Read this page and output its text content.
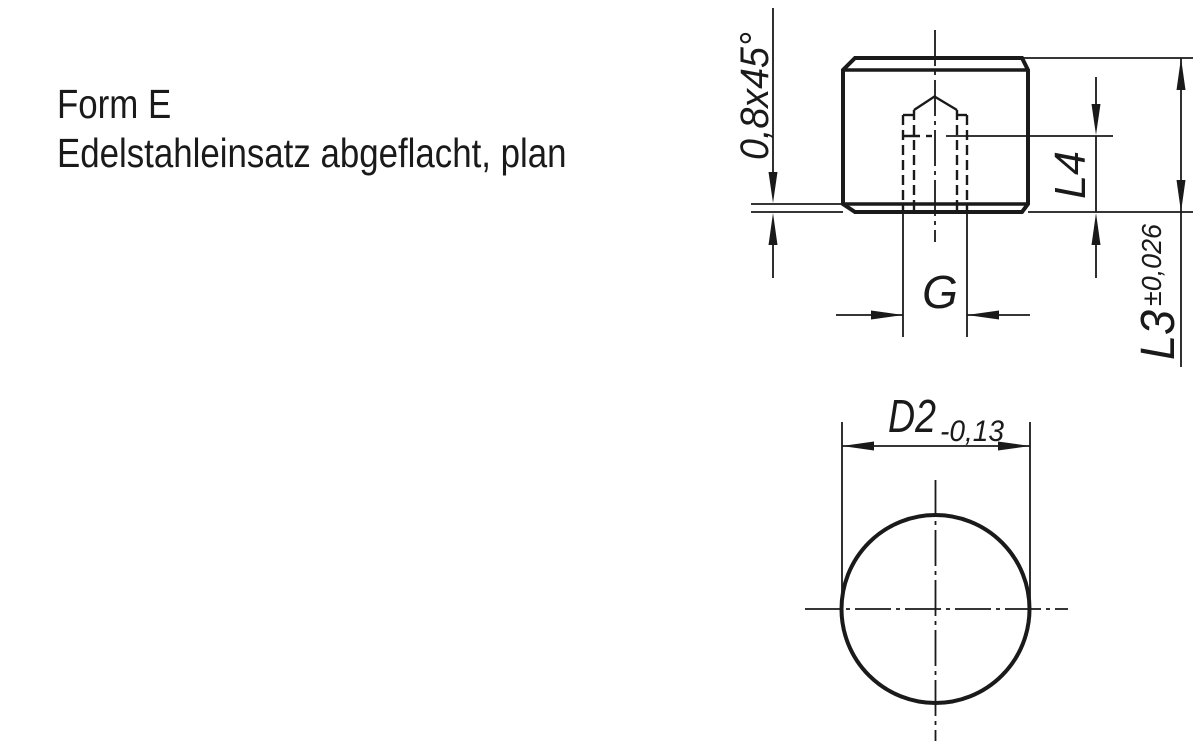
Form E
Edelstahleinsatz abgeflacht, plan	0,8x45°
L4
L3
±0,026
G
D2 -0,13
